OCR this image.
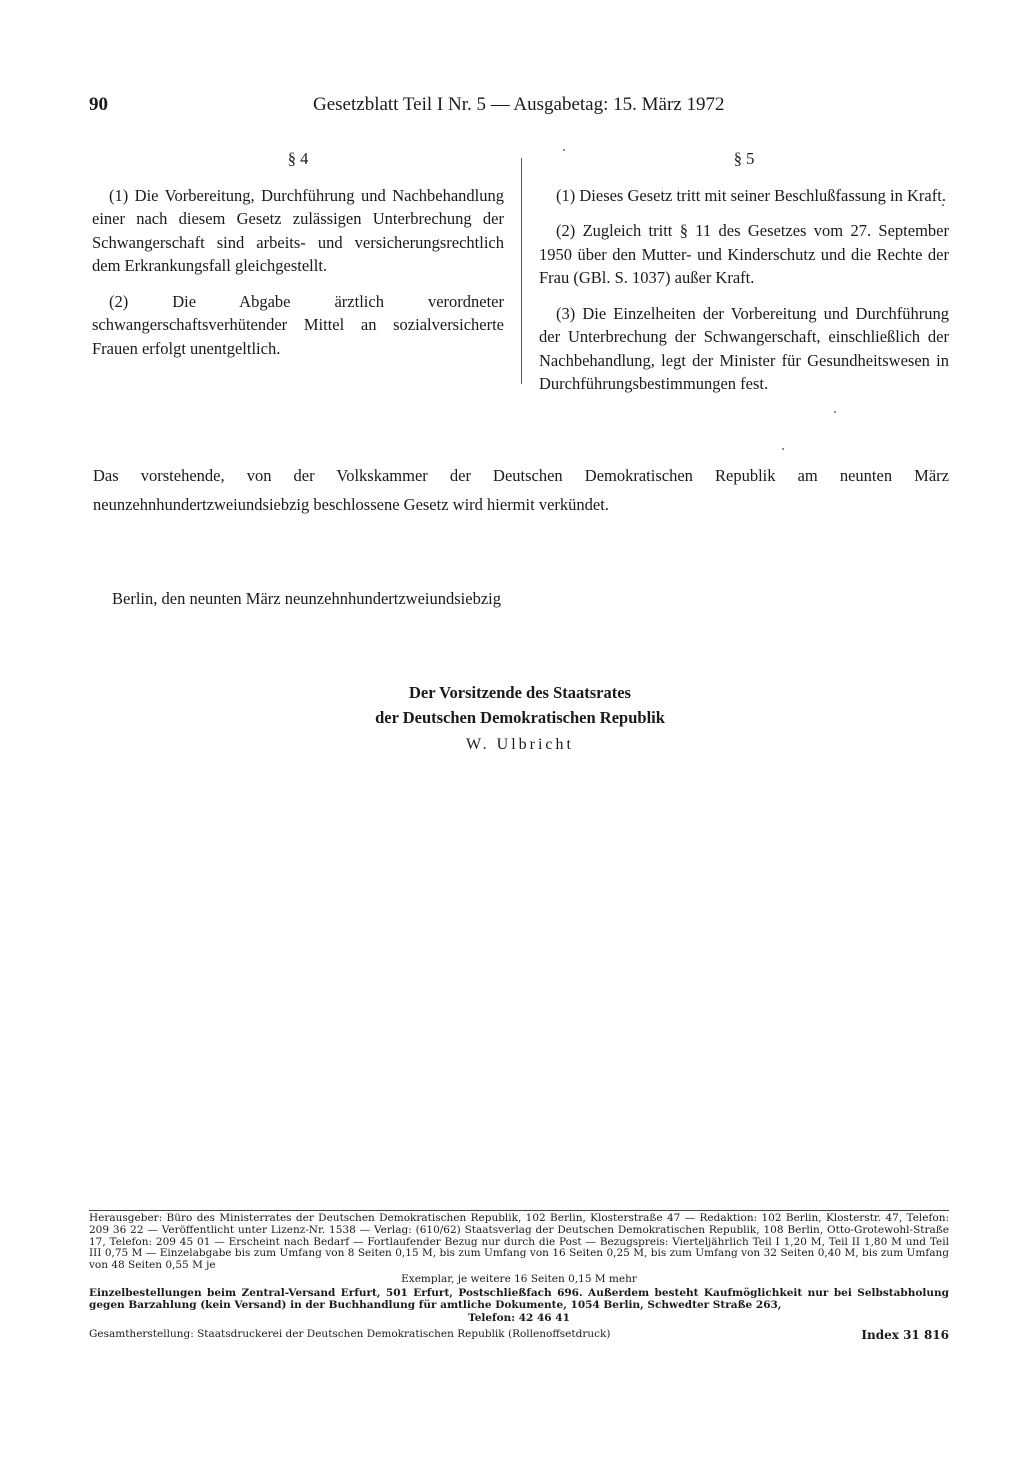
90	Gesetzblatt Teil I Nr. 5 — Ausgabetag: 15. März 1972
§ 4

(1) Die Vorbereitung, Durchführung und Nachbehandlung einer nach diesem Gesetz zulässigen Unterbrechung der Schwangerschaft sind arbeits- und versicherungsrechtlich dem Erkrankungsfall gleichgestellt.

(2) Die Abgabe ärztlich verordneter schwangerschaftsverhütender Mittel an sozialversicherte Frauen erfolgt unentgeltlich.

§ 5

(1) Dieses Gesetz tritt mit seiner Beschlußfassung in Kraft.

(2) Zugleich tritt § 11 des Gesetzes vom 27. September 1950 über den Mutter- und Kinderschutz und die Rechte der Frau (GBl. S. 1037) außer Kraft.

(3) Die Einzelheiten der Vorbereitung und Durchführung der Unterbrechung der Schwangerschaft, einschließlich der Nachbehandlung, legt der Minister für Gesundheitswesen in Durchführungsbestimmungen fest.

Das vorstehende, von der Volkskammer der Deutschen Demokratischen Republik am neunten März neunzehnhundertzweiundsiebzig beschlossene Gesetz wird hiermit verkündet.
Berlin, den neunten März neunzehnhundertzweiundsiebzig
Der Vorsitzende des Staatsrates
der Deutschen Demokratischen Republik
W. Ulbricht

Herausgeber: Büro des Ministerrates der Deutschen Demokratischen Republik, 102 Berlin, Klosterstraße 47 — Redaktion: 102 Berlin, Klosterstr. 47, Telefon: 209 36 22 — Veröffentlicht unter Lizenz-Nr. 1538 — Verlag: (610/62) Staatsverlag der Deutschen Demokratischen Republik, 108 Berlin, Otto-Grotewohl-Straße 17, Telefon: 209 45 01 — Erscheint nach Bedarf — Fortlaufender Bezug nur durch die Post — Bezugspreis: Vierteljährlich Teil I 1,20 M, Teil II 1,80 M und Teil III 0,75 M — Einzelabgabe bis zum Umfang von 8 Seiten 0,15 M, bis zum Umfang von 16 Seiten 0,25 M, bis zum Umfang von 32 Seiten 0,40 M, bis zum Umfang von 48 Seiten 0,55 M je

Exemplar, je weitere 16 Seiten 0,15 M mehr

Einzelbestellungen beim Zentral-Versand Erfurt, 501 Erfurt, Postschließfach 696. Außerdem besteht Kaufmöglichkeit nur bei Selbstabholung gegen Barzahlung (kein Versand) in der Buchhandlung für amtliche Dokumente, 1054 Berlin, Schwedter Straße 263,

Telefon: 42 46 41

Gesamtherstellung: Staatsdruckerei der Deutschen Demokratischen Republik (Rollenoffsetdruck)	Index 31 816
